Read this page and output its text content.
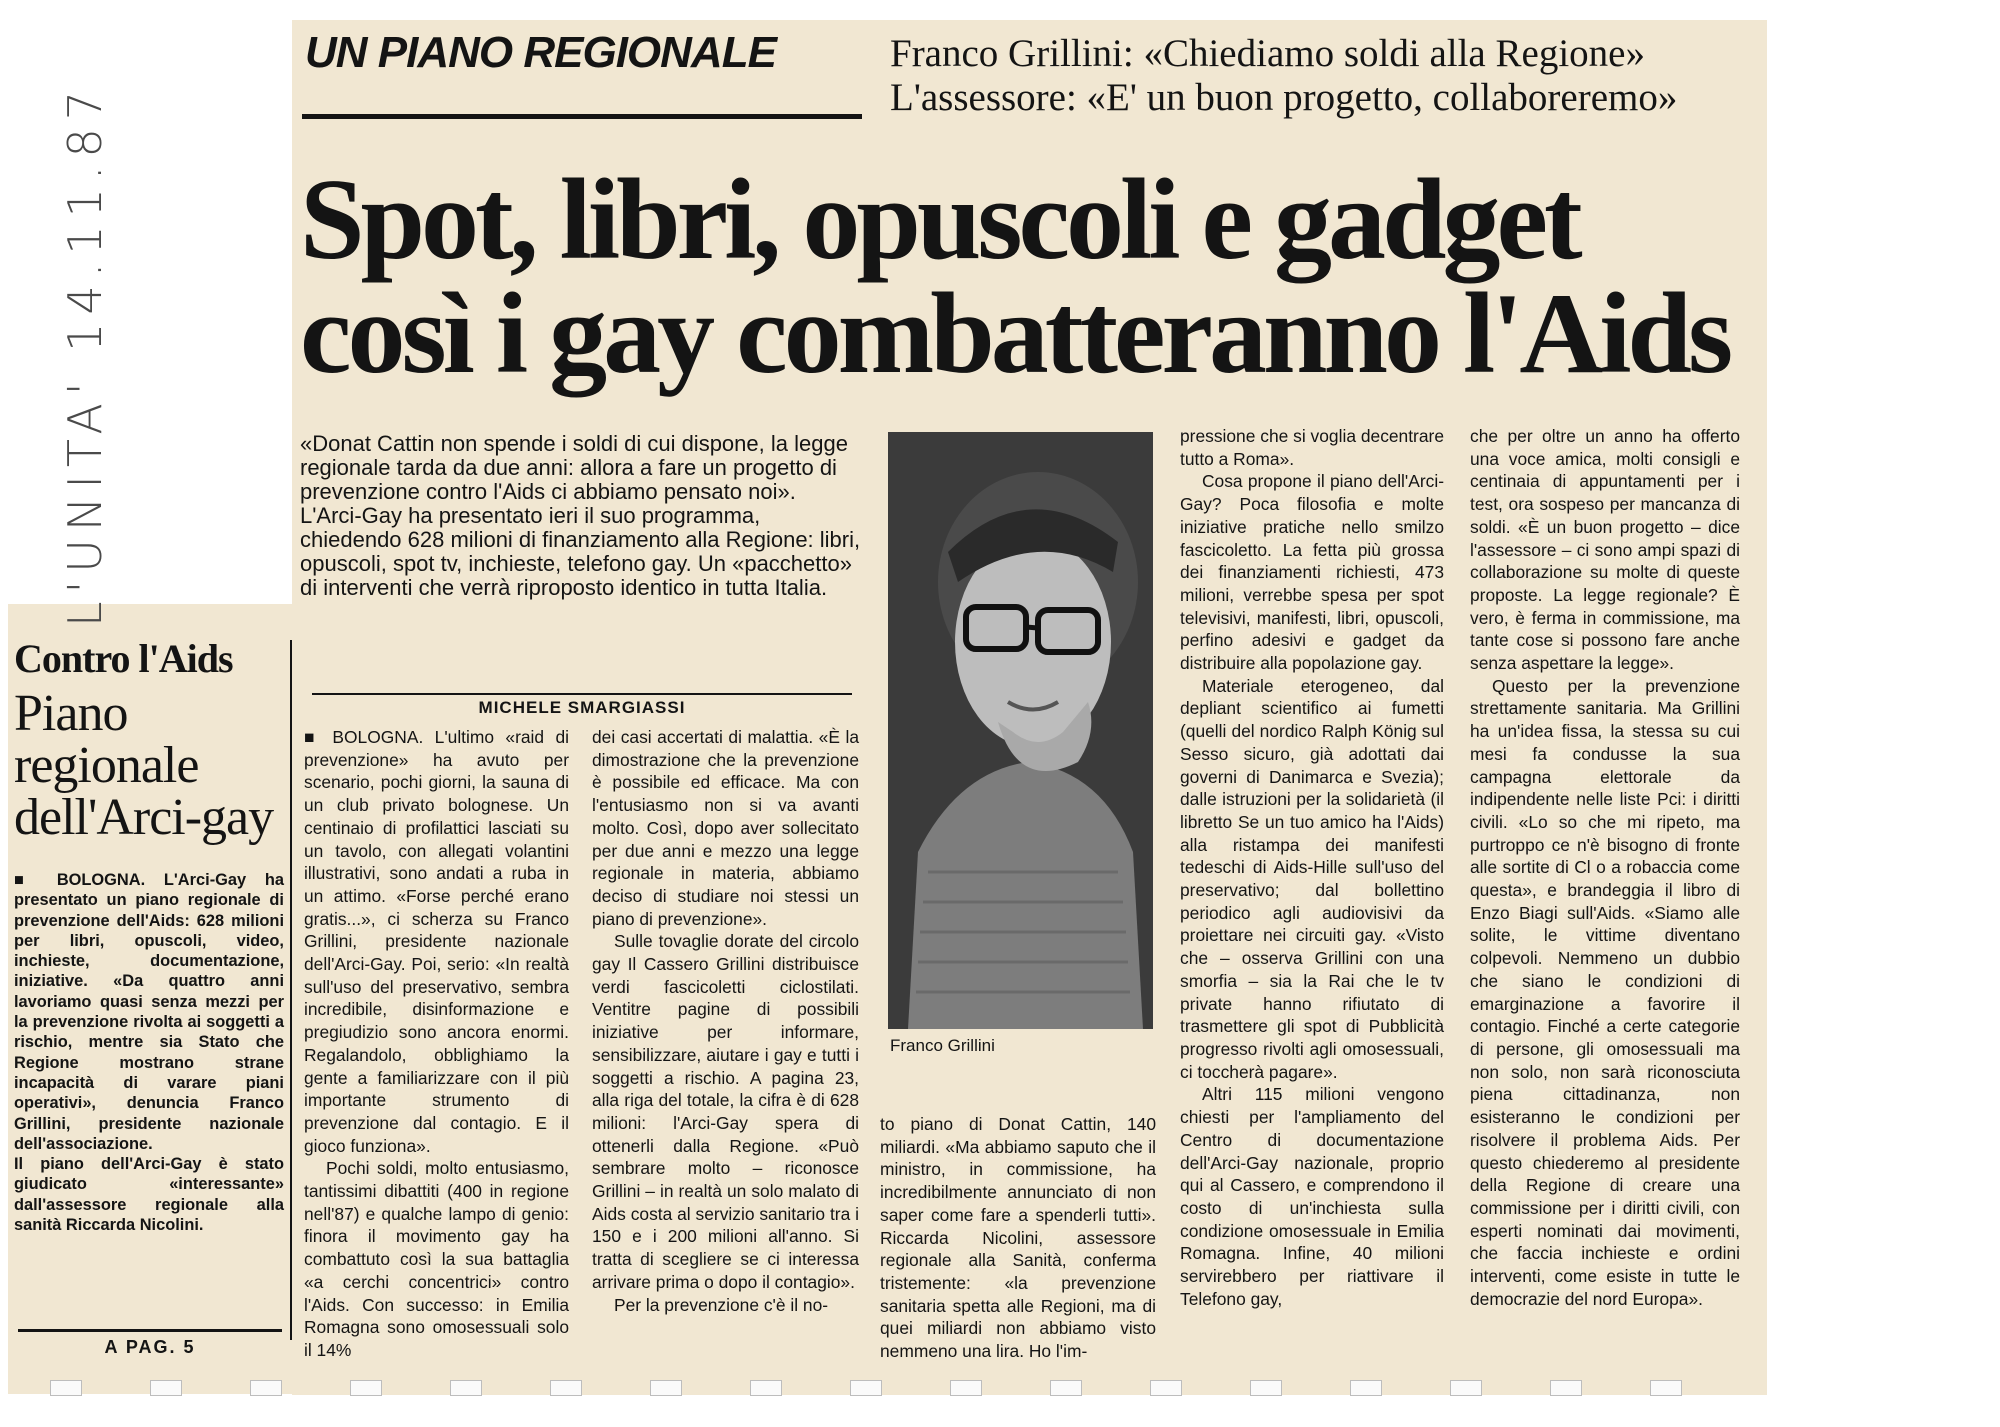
L'UNITA' 14.11.87
UN PIANO REGIONALE	Franco Grillini: «Chiediamo soldi alla Regione»
L'assessore: «E' un buon progetto, collaboreremo»
Spot, libri, opuscoli e gadget
così i gay combatteranno l'Aids
«Donat Cattin non spende i soldi di cui dispone, la legge regionale tarda da due anni: allora a fare un progetto di prevenzione contro l'Aids ci abbiamo pensato noi». L'Arci-Gay ha presentato ieri il suo programma, chiedendo 628 milioni di finanziamento alla Regione: libri, opuscoli, spot tv, inchieste, telefono gay. Un «pacchetto» di interventi che verrà riproposto identico in tutta Italia.
MICHELE SMARGIASSI

■ BOLOGNA. L'ultimo «raid di prevenzione» ha avuto per scenario, pochi giorni, la sauna di un club privato bolognese. Un centinaio di profilattici lasciati su un tavolo, con allegati volantini illustrativi, sono andati a ruba in un attimo. «Forse perché erano gratis...», ci scherza su Franco Grillini, presidente nazionale dell'Arci-Gay. Poi, serio: «In realtà sull'uso del preservativo, sembra incredibile, disinformazione e pregiudizio sono ancora enormi. Regalandolo, obblighiamo la gente a familiarizzare con il più importante strumento di prevenzione dal contagio. E il gioco funziona».

Pochi soldi, molto entusiasmo, tantissimi dibattiti (400 in regione nell'87) e qualche lampo di genio: finora il movimento gay ha combattuto così la sua battaglia «a cerchi concentrici» contro l'Aids. Con successo: in Emilia Romagna sono omosessuali solo il 14%

dei casi accertati di malattia. «È la dimostrazione che la prevenzione è possibile ed efficace. Ma con l'entusiasmo non si va avanti molto. Così, dopo aver sollecitato per due anni e mezzo una legge regionale in materia, abbiamo deciso di studiare noi stessi un piano di prevenzione».

Sulle tovaglie dorate del circolo gay Il Cassero Grillini distribuisce verdi fascicoletti ciclostilati. Ventitre pagine di possibili iniziative per informare, sensibilizzare, aiutare i gay e tutti i soggetti a rischio. A pagina 23, alla riga del totale, la cifra è di 628 milioni: l'Arci-Gay spera di ottenerli dalla Regione. «Può sembrare molto – riconosce Grillini – in realtà un solo malato di Aids costa al servizio sanitario tra i 150 e i 200 milioni all'anno. Si tratta di scegliere se ci interessa arrivare prima o dopo il contagio».

Per la prevenzione c'è il no-

Franco Grillini

to piano di Donat Cattin, 140 miliardi. «Ma abbiamo saputo che il ministro, in commissione, ha incredibilmente annunciato di non saper come fare a spenderli tutti». Riccarda Nicolini, assessore regionale alla Sanità, conferma tristemente: «la prevenzione sanitaria spetta alle Regioni, ma di quei miliardi non abbiamo visto nemmeno una lira. Ho l'im-

pressione che si voglia decentrare tutto a Roma».

Cosa propone il piano dell'Arci-Gay? Poca filosofia e molte iniziative pratiche nello smilzo fascicoletto. La fetta più grossa dei finanziamenti richiesti, 473 milioni, verrebbe spesa per spot televisivi, manifesti, libri, opuscoli, perfino adesivi e gadget da distribuire alla popolazione gay.

Materiale eterogeneo, dal depliant scientifico ai fumetti (quelli del nordico Ralph König sul Sesso sicuro, già adottati dai governi di Danimarca e Svezia); dalle istruzioni per la solidarietà (il libretto Se un tuo amico ha l'Aids) alla ristampa dei manifesti tedeschi di Aids-Hille sull'uso del preservativo; dal bollettino periodico agli audiovisivi da proiettare nei circuiti gay. «Visto che – osserva Grillini con una smorfia – sia la Rai che le tv private hanno rifiutato di trasmettere gli spot di Pubblicità progresso rivolti agli omosessuali, ci toccherà pagare».

Altri 115 milioni vengono chiesti per l'ampliamento del Centro di documentazione dell'Arci-Gay nazionale, proprio qui al Cassero, e comprendono il costo di un'inchiesta sulla condizione omosessuale in Emilia Romagna. Infine, 40 milioni servirebbero per riattivare il Telefono gay,

che per oltre un anno ha offerto una voce amica, molti consigli e centinaia di appuntamenti per i test, ora sospeso per mancanza di soldi. «È un buon progetto – dice l'assessore – ci sono ampi spazi di collaborazione su molte di queste proposte. La legge regionale? È vero, è ferma in commissione, ma tante cose si possono fare anche senza aspettare la legge».

Questo per la prevenzione strettamente sanitaria. Ma Grillini ha un'idea fissa, la stessa su cui mesi fa condusse la sua campagna elettorale da indipendente nelle liste Pci: i diritti civili. «Lo so che mi ripeto, ma purtroppo ce n'è bisogno di fronte alle sortite di Cl o a robaccia come questa», e brandeggia il libro di Enzo Biagi sull'Aids. «Siamo alle solite, le vittime diventano colpevoli. Nemmeno un dubbio che siano le condizioni di emarginazione a favorire il contagio. Finché a certe categorie di persone, gli omosessuali ma non solo, non sarà riconosciuta piena cittadinanza, non esisteranno le condizioni per risolvere il problema Aids. Per questo chiederemo al presidente della Regione di creare una commissione per i diritti civili, con esperti nominati dai movimenti, che faccia inchieste e ordini interventi, come esiste in tutte le democrazie del nord Europa».

Contro l'Aids
Piano
regionale
dell'Arci-gay

■ BOLOGNA. L'Arci-Gay ha presentato un piano regionale di prevenzione dell'Aids: 628 milioni per libri, opuscoli, video, inchieste, documentazione, iniziative. «Da quattro anni lavoriamo quasi senza mezzi per la prevenzione rivolta ai soggetti a rischio, mentre sia Stato che Regione mostrano strane incapacità di varare piani operativi», denuncia Franco Grillini, presidente nazionale dell'associazione.

Il piano dell'Arci-Gay è stato giudicato «interessante» dall'assessore regionale alla sanità Riccarda Nicolini.

A PAG. 5
